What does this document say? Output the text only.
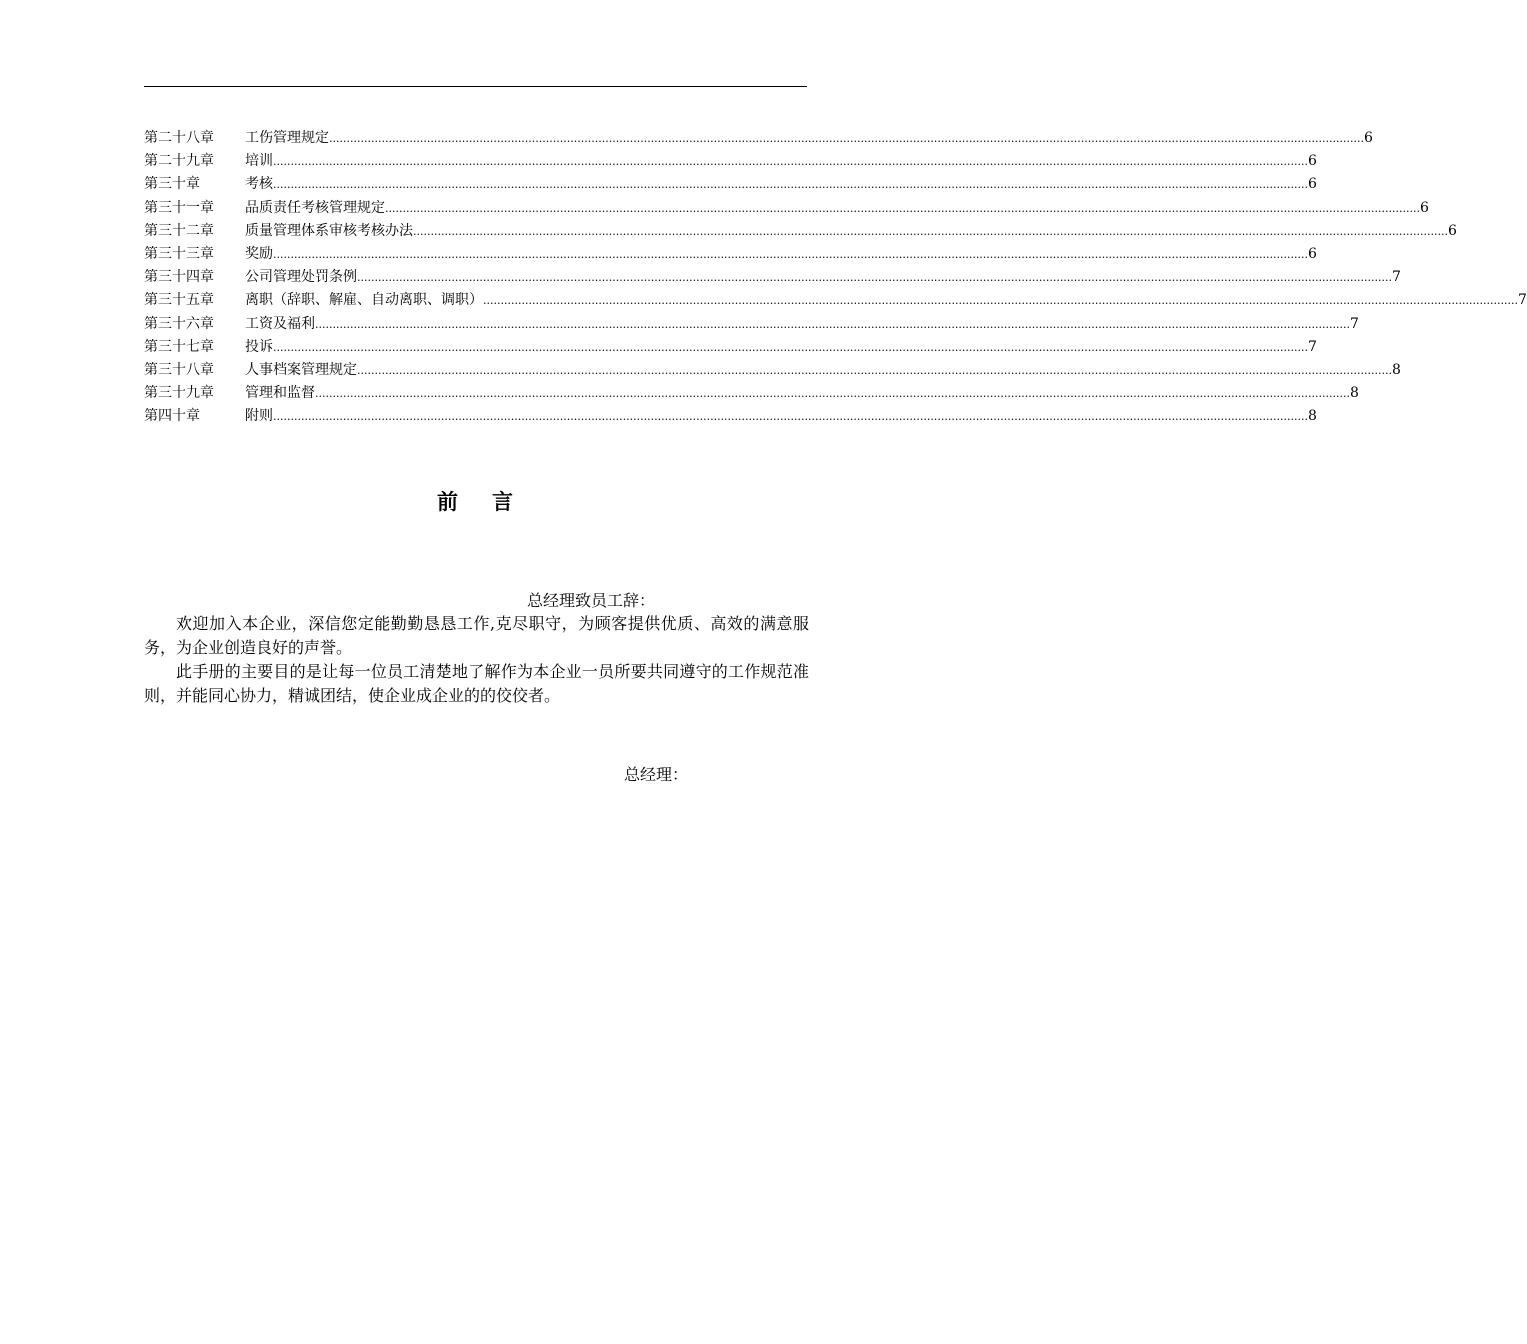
第二十八章	工伤管理规定 .....	6
第二十九章	培训 .....	6
第三十章	考核 .....	6
第三十一章	品质责任考核管理规定 .....	6
第三十二章	质量管理体系审核考核办法 .....	6
第三十三章	奖励 .....	6
第三十四章	公司管理处罚条例 .....	7
第三十五章	离职（辞职、解雇、自动离职、调职） .....	7
第三十六章	工资及福利 .....	7
第三十七章	投诉 .....	7
第三十八章	人事档案管理规定 .....	8
第三十九章	管理和监督 .....	8
第四十章	附则 .....	8
前 言
总经理致员工辞：

欢迎加入本企业，深信您定能勤勤恳恳工作,克尽职守，为顾客提供优质、高效的满意服务，为企业创造良好的声誉。

此手册的主要目的是让每一位员工清楚地了解作为本企业一员所要共同遵守的工作规范准则，并能同心协力，精诚团结，使企业成企业的的佼佼者。

总经理：
